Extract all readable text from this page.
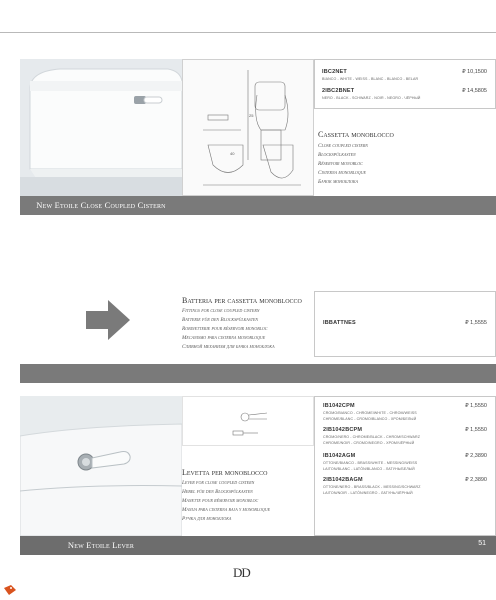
New Etoile Close Coupled Cistern
25
40
IBC2NET	₽ 10,1500
BIANCO - WHITE - WEISS - BLANC - BLANCO - BELAR
2IBC2BNET	₽ 14,5805
NERO - BLACK - SCHWARZ - NOIR - NEGRO - ЧЁРНЫЙ
Cassetta monoblocco
Close coupled cistern
Blockspülkasten
Réservoir monobloc
Cisterna monobloque
Бачок моноблока
Batteria per cassetta monoblocco
Fittings for close coupled cistern
Batterie für den Blockspülkasten
Robinetterie pour réservoir monobloc
Mecanismo para cisterna monobloque
Сливной механизм для бачка моноблока
IBBATTNES	₽ 1,5555
New Etoile Lever	51
IB1042CPM	₽ 1,5550
CROMO/BIANCO - CHROME/WHITE - CHROM/WEISS
CHROME/BLANC - CROMO/BLANCO - ХРОМ/БЕЛЫЙ
2IB1042BCPM	₽ 1,5550
CROMO/NERO - CHROME/BLACK - CHROM/SCHWARZ
CHROME/NOIR - CROMO/NEGRO - ХРОМ/ЧЁРНЫЙ
IB1042AGM	₽ 2,3890
OTTONE/BIANCO - BRASS/WHITE - MESSING/WEISS
LAITON/BLANC - LATÓN/BLANCO - ЛАТУНЬ/БЕЛЫЙ
2IB1042BAGM	₽ 2,3890
OTTONE/NERO - BRASS/BLACK - MESSING/SCHWARZ
LAITON/NOIR - LATÓN/NEGRO - ЛАТУНЬ/ЧЁРНЫЙ
Levetta per monoblocco
Lever for close coupled cistern
Hebel für den Blockspülkasten
Manette pour réservoir monobloc
Manija para cisterna baja y monobloque
Ручка для моноблока
DD
